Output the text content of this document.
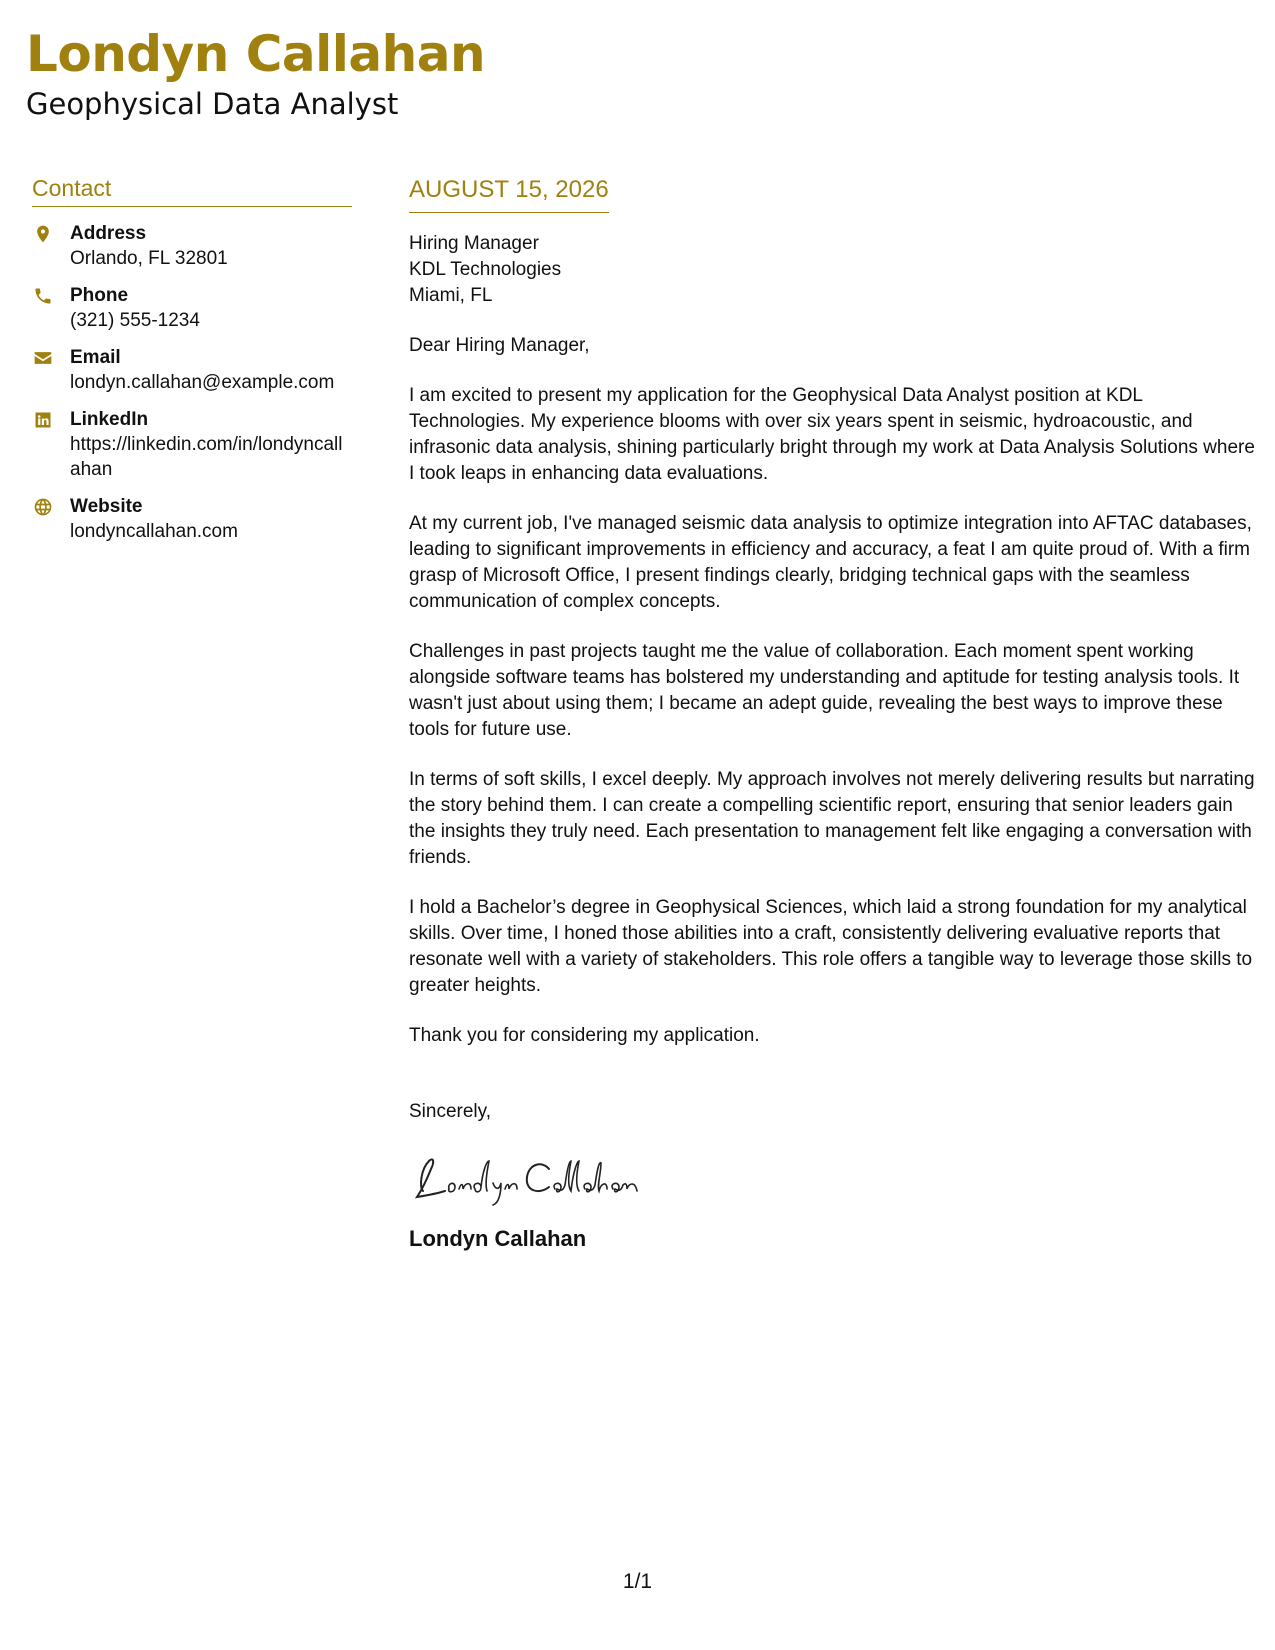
Londyn Callahan
Geophysical Data Analyst
Contact
Address
Orlando, FL 32801
Phone
(321) 555-1234
Email
londyn.callahan@example.com
LinkedIn
https://linkedin.com/in/londyncallahan
Website
londyncallahan.com
AUGUST 15, 2026
Hiring Manager
KDL Technologies
Miami, FL
Dear Hiring Manager,

I am excited to present my application for the Geophysical Data Analyst position at KDL Technologies. My experience blooms with over six years spent in seismic, hydroacoustic, and infrasonic data analysis, shining particularly bright through my work at Data Analysis Solutions where I took leaps in enhancing data evaluations.

At my current job, I've managed seismic data analysis to optimize integration into AFTAC databases, leading to significant improvements in efficiency and accuracy, a feat I am quite proud of. With a firm grasp of Microsoft Office, I present findings clearly, bridging technical gaps with the seamless communication of complex concepts.

Challenges in past projects taught me the value of collaboration. Each moment spent working alongside software teams has bolstered my understanding and aptitude for testing analysis tools. It wasn't just about using them; I became an adept guide, revealing the best ways to improve these tools for future use.

In terms of soft skills, I excel deeply. My approach involves not merely delivering results but narrating the story behind them. I can create a compelling scientific report, ensuring that senior leaders gain the insights they truly need. Each presentation to management felt like engaging a conversation with friends.

I hold a Bachelor’s degree in Geophysical Sciences, which laid a strong foundation for my analytical skills. Over time, I honed those abilities into a craft, consistently delivering evaluative reports that resonate well with a variety of stakeholders. This role offers a tangible way to leverage those skills to greater heights.

Thank you for considering my application.

Sincerely,
Londyn Callahan
1/1
